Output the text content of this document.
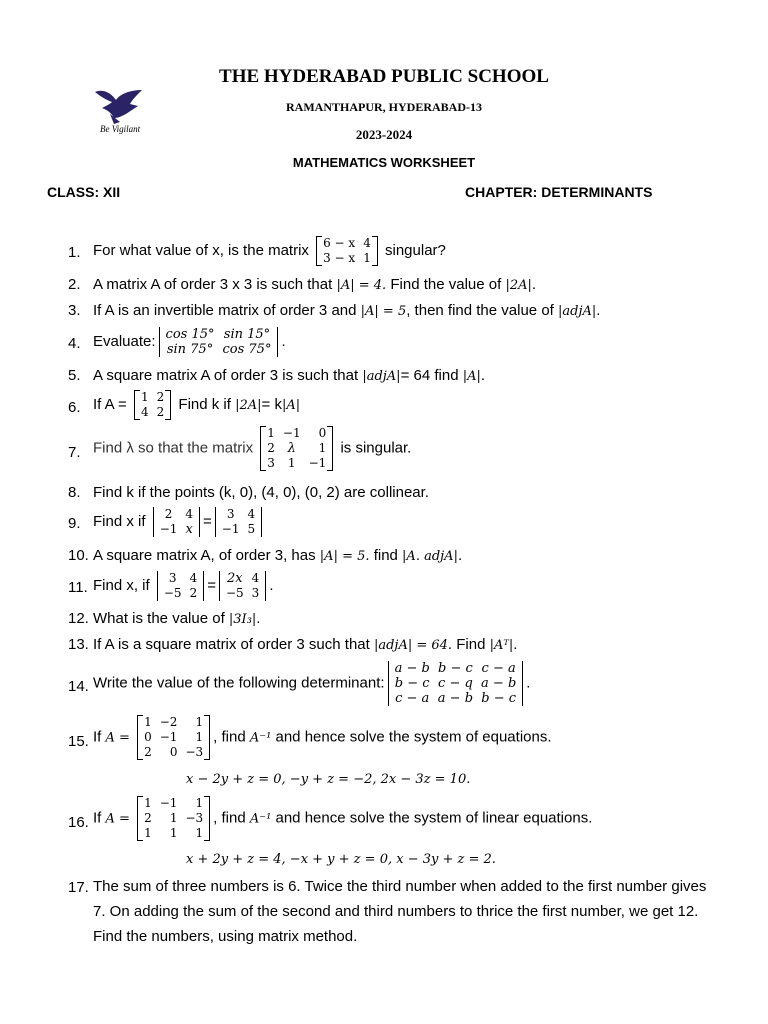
Be Vigilant
THE HYDERABAD PUBLIC SCHOOL
RAMANTHAPUR, HYDERABAD-13
2023-2024
MATHEMATICS WORKSHEET
CLASS: XII	CHAPTER: DETERMINANTS
1. For what value of x, is the matrix 6 − x	4
3 − x	1 singular?
2. A matrix A of order 3 x 3 is such that |A| = 4. Find the value of |2A|.
3. If A is an invertible matrix of order 3 and |A| = 5, then find the value of |adjA|.
4. Evaluate: cos 15°	sin 15°
sin 75°	cos 75° .
5. A square matrix A of order 3 is such that |adjA|= 64 find |A|.
6. If A = 1	2
4	2 Find k if |2A|= k|A|
7. Find λ so that the matrix
1	−1	0
2	λ	1
3	1	−1
is singular.
8. Find k if the points (k, 0), (4, 0), (0, 2) are collinear.
9. Find x if 2	4
−1	x = 3	4
−1	5
10. A square matrix A, of order 3, has |A| = 5. find |A. adjA|.
11. Find x, if 3	4
−5	2 = 2x	4
−5	3 .
12. What is the value of |3I₃|.
13. If A is a square matrix of order 3 such that |adjA| = 64. Find |Aᵀ|.
14. Write the value of the following determinant:
a − b	b − c	c − a
b − c	c − q	a − b
c − a	a − b	b − c
.
15. If A =
1	−2	1
0	−1	1
2	0	−3
, find A⁻¹ and hence solve the system of equations.
x − 2y + z = 0, −y + z = −2, 2x − 3z = 10.
16. If A =
1	−1	1
2	1	−3
1	1	1
, find A⁻¹ and hence solve the system of linear equations.
x + 2y + z = 4, −x + y + z = 0, x − 3y + z = 2.
17. The sum of three numbers is 6. Twice the third number when added to the first number gives 7. On adding the sum of the second and third numbers to thrice the first number, we get 12. Find the numbers, using matrix method.
